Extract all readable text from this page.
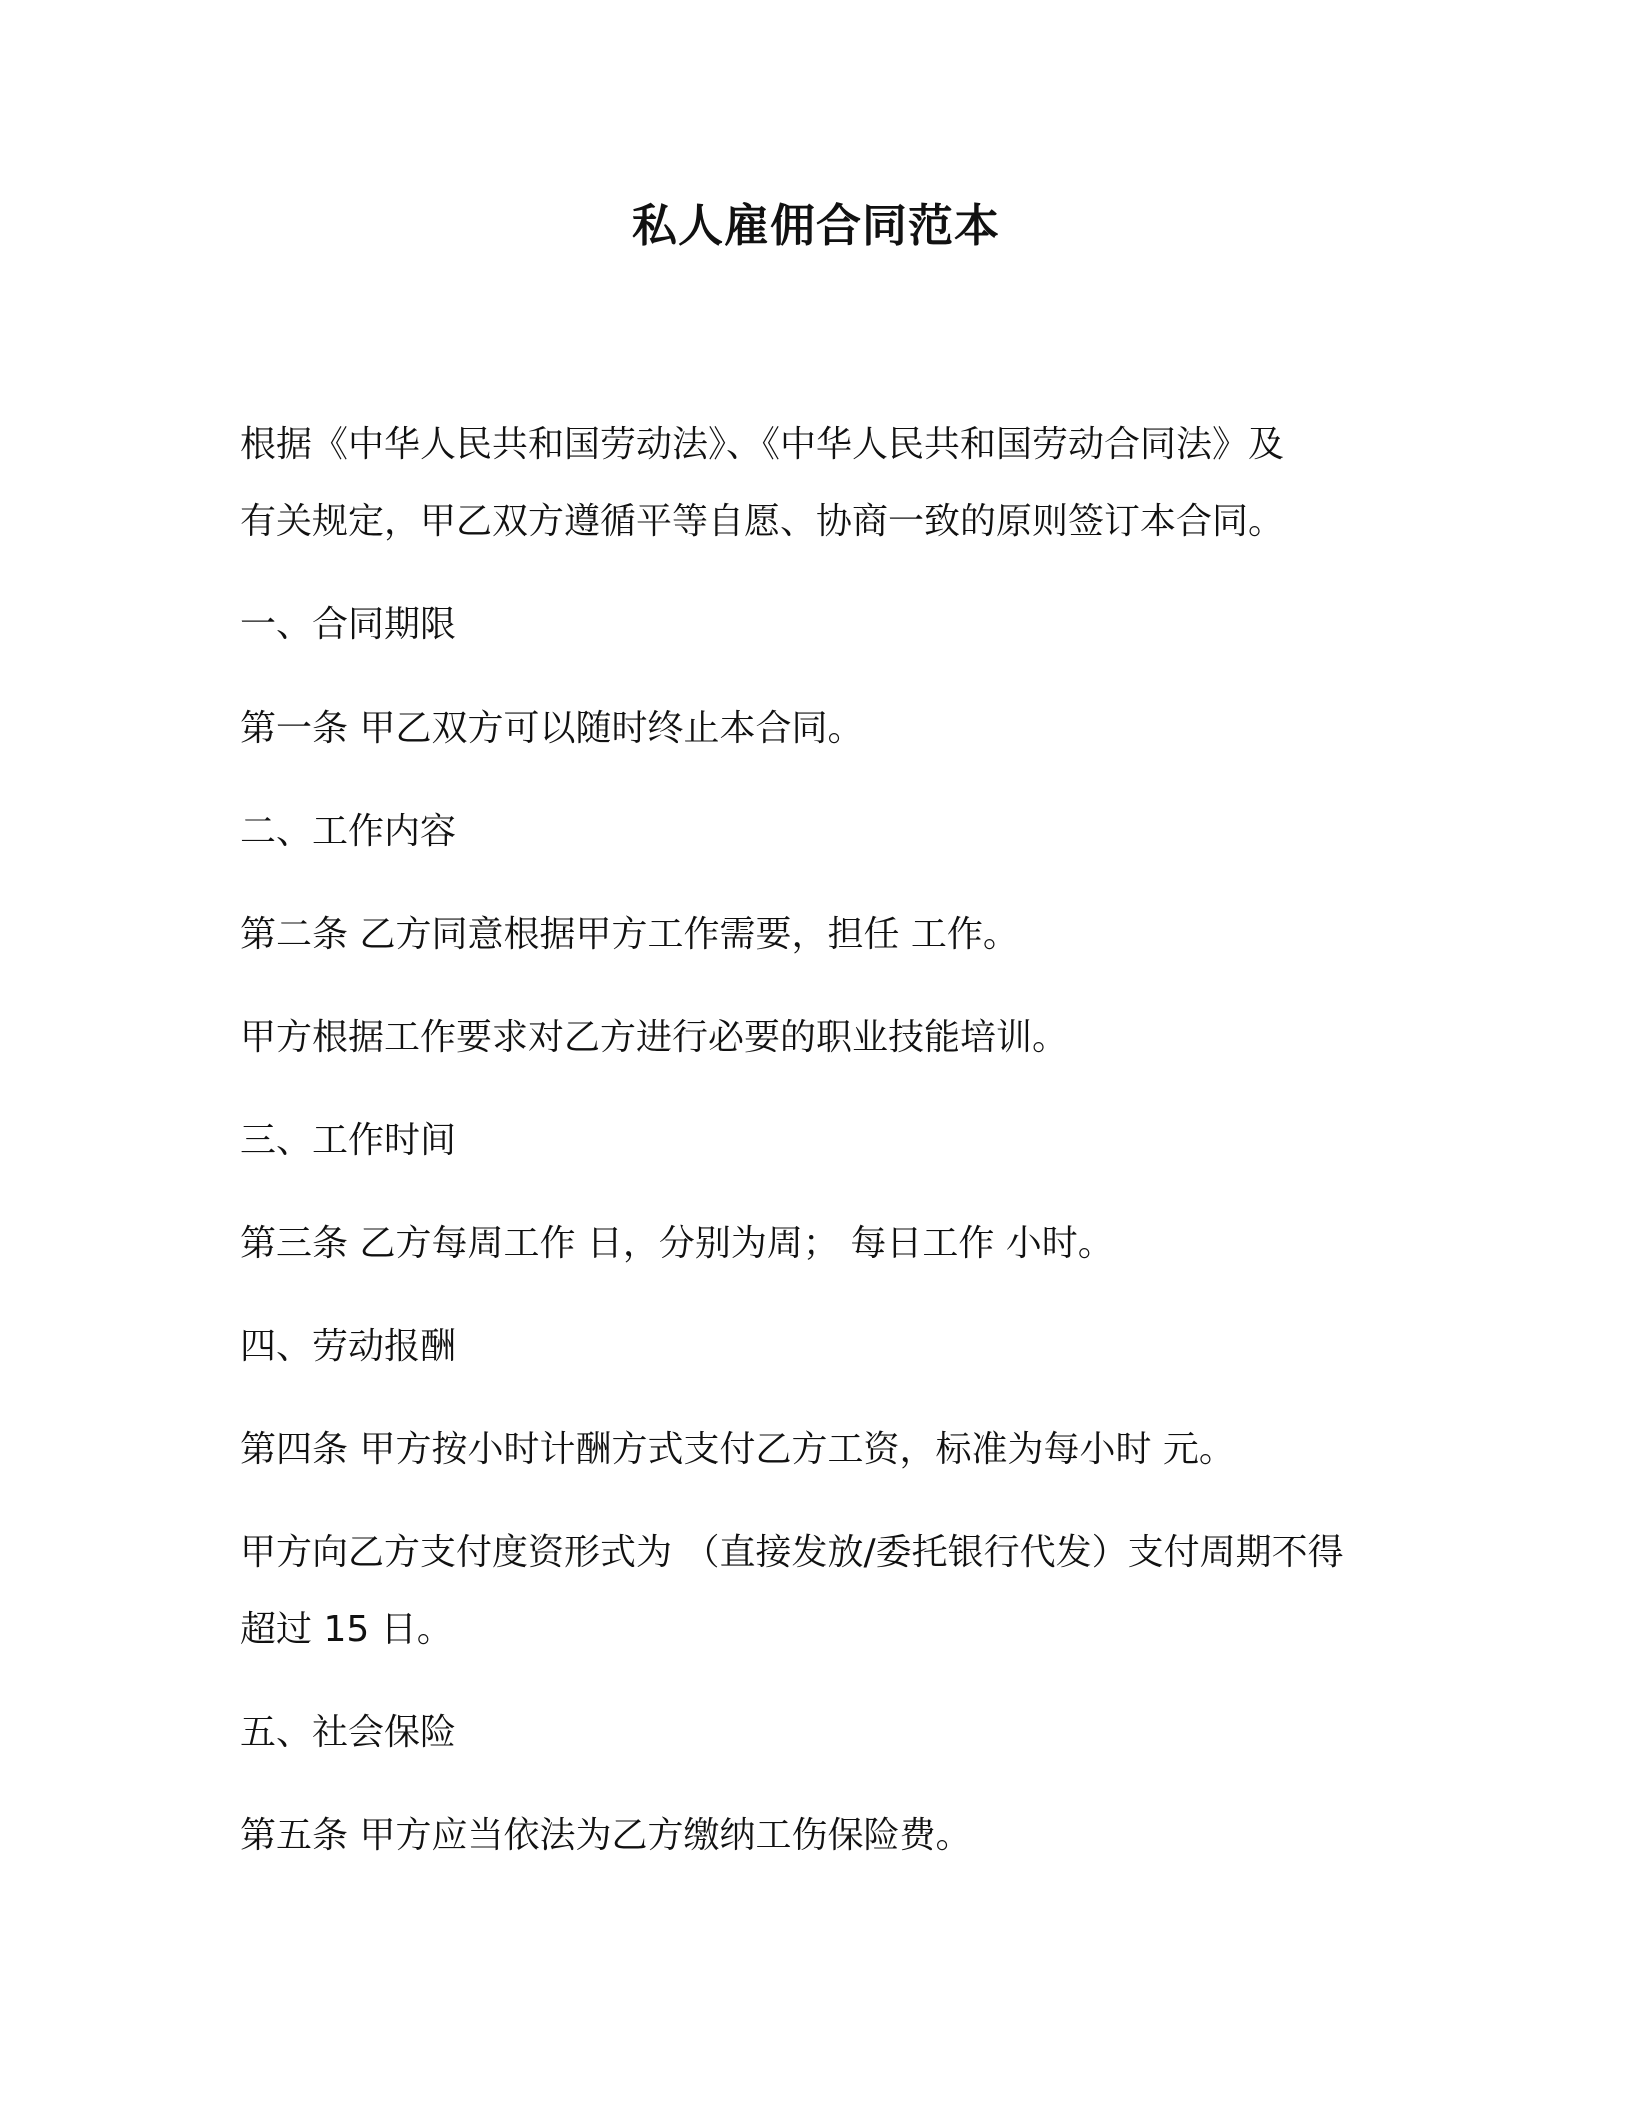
私人雇佣合同范本
根据《中华人民共和国劳动法》、《中华人民共和国劳动合同法》及
有关规定，甲乙双方遵循平等自愿、协商一致的原则签订本合同。
一、合同期限
第一条 甲乙双方可以随时终止本合同。
二、工作内容
第二条 乙方同意根据甲方工作需要，担任 工作。
甲方根据工作要求对乙方进行必要的职业技能培训。
三、工作时间
第三条 乙方每周工作 日，分别为周； 每日工作 小时。
四、劳动报酬
第四条 甲方按小时计酬方式支付乙方工资，标准为每小时 元。
甲方向乙方支付度资形式为 （直接发放/委托银行代发）支付周期不得
超过 15 日。
五、社会保险
第五条 甲方应当依法为乙方缴纳工伤保险费。
